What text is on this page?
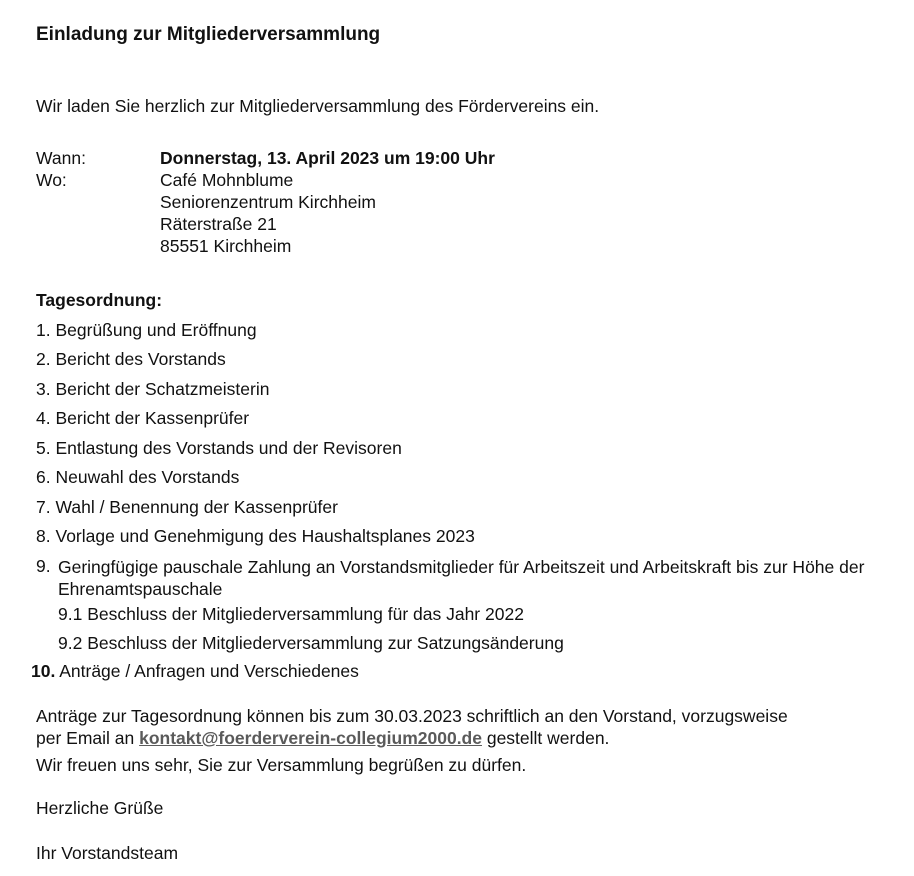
Einladung zur Mitgliederversammlung
Wir laden Sie herzlich zur Mitgliederversammlung des Fördervereins ein.
Wann:	Donnerstag, 13. April 2023 um 19:00 Uhr
Wo:	Café Mohnblume
Seniorenzentrum Kirchheim
Räterstraße 21
85551 Kirchheim
Tagesordnung:
1. Begrüßung und Eröffnung
2. Bericht des Vorstands
3. Bericht der Schatzmeisterin
4. Bericht der Kassenprüfer
5. Entlastung des Vorstands und der Revisoren
6. Neuwahl des Vorstands
7. Wahl / Benennung der Kassenprüfer
8. Vorlage und Genehmigung des Haushaltsplanes 2023
9. Geringfügige pauschale Zahlung an Vorstandsmitglieder für Arbeitszeit und Arbeitskraft bis zur Höhe der Ehrenamtspauschale
9.1 Beschluss der Mitgliederversammlung für das Jahr 2022
9.2 Beschluss der Mitgliederversammlung zur Satzungsänderung
10. Anträge / Anfragen und Verschiedenes
Anträge zur Tagesordnung können bis zum 30.03.2023 schriftlich an den Vorstand, vorzugsweise
per Email an kontakt@foerderverein-collegium2000.de gestellt werden.
Wir freuen uns sehr, Sie zur Versammlung begrüßen zu dürfen.
Herzliche Grüße
Ihr Vorstandsteam
